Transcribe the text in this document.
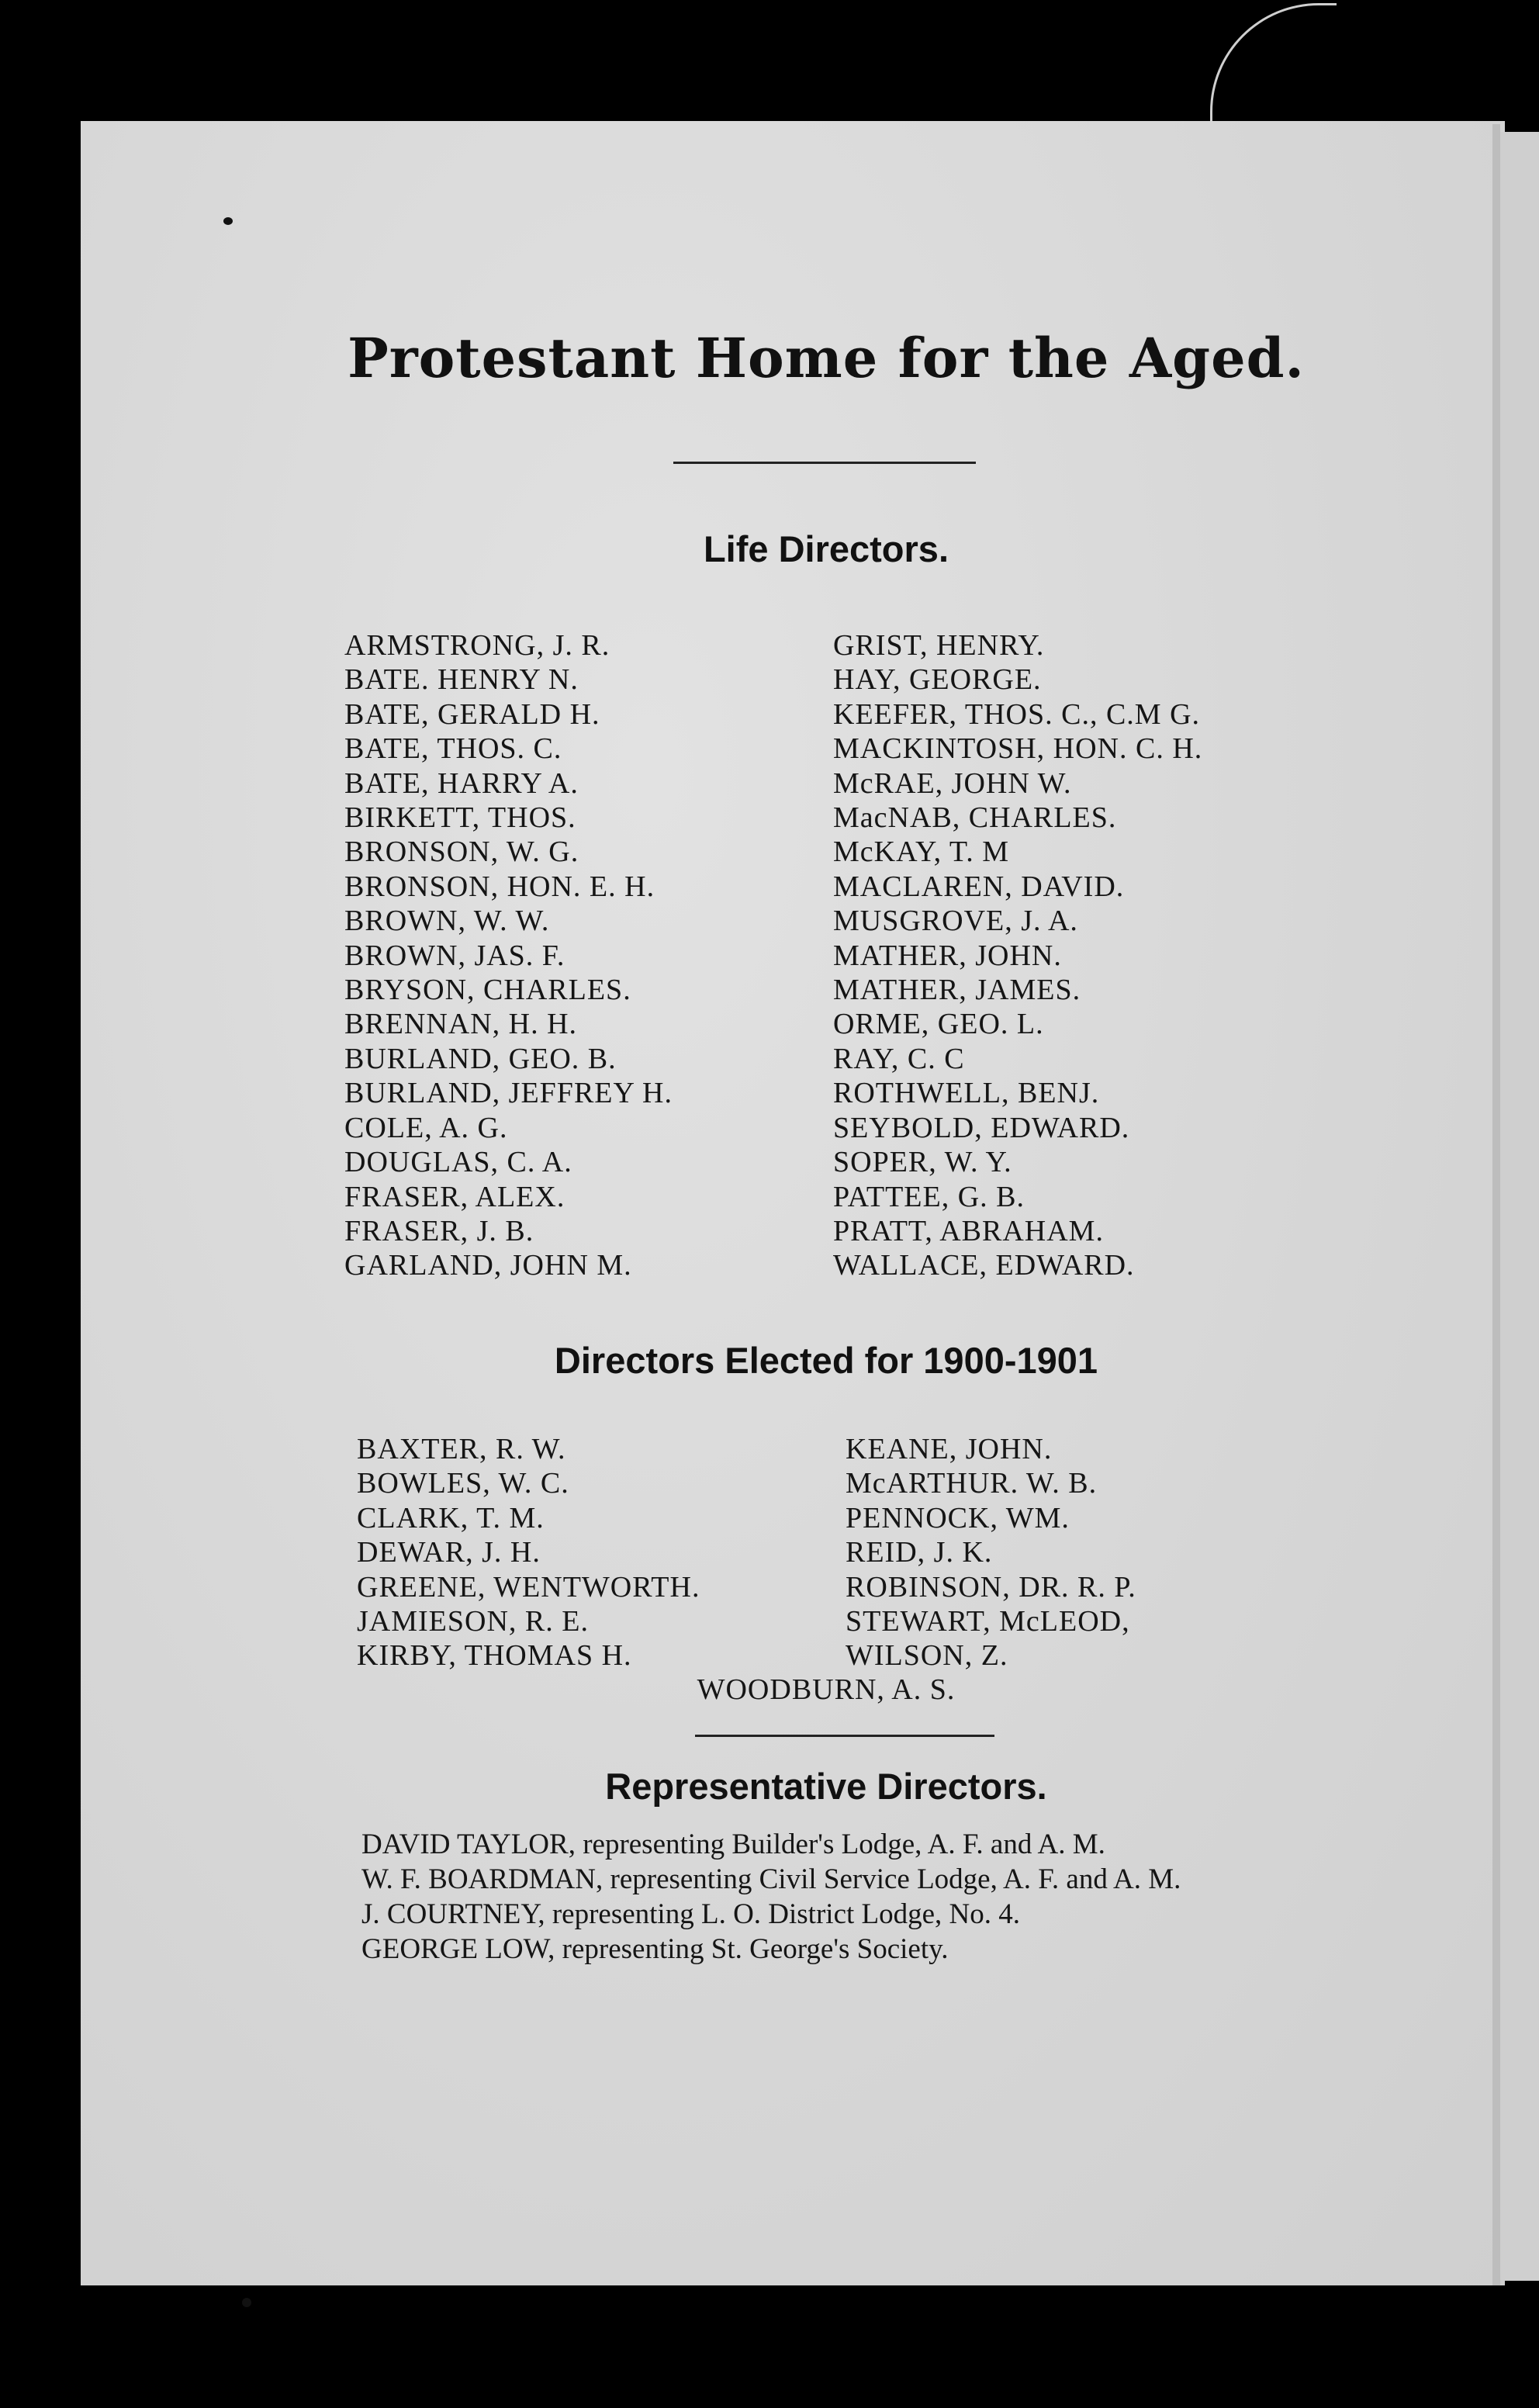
Protestant Home for the Aged.
Life Directors.
ARMSTRONG, J. R.
BATE. HENRY N.
BATE, GERALD H.
BATE, THOS. C.
BATE, HARRY A.
BIRKETT, THOS.
BRONSON, W. G.
BRONSON, HON. E. H.
BROWN, W. W.
BROWN, JAS. F.
BRYSON, CHARLES.
BRENNAN, H. H.
BURLAND, GEO. B.
BURLAND, JEFFREY H.
COLE, A. G.
DOUGLAS, C. A.
FRASER, ALEX.
FRASER, J. B.
GARLAND, JOHN M.
GRIST, HENRY.
HAY, GEORGE.
KEEFER, THOS. C., C.M G.
MACKINTOSH, HON. C. H.
McRAE, JOHN W.
MacNAB, CHARLES.
McKAY, T. M
MACLAREN, DAVID.
MUSGROVE, J. A.
MATHER, JOHN.
MATHER, JAMES.
ORME, GEO. L.
RAY, C. C
ROTHWELL, BENJ.
SEYBOLD, EDWARD.
SOPER, W. Y.
PATTEE, G. B.
PRATT, ABRAHAM.
WALLACE, EDWARD.
Directors Elected for 1900-1901
BAXTER, R. W.
BOWLES, W. C.
CLARK, T. M.
DEWAR, J. H.
GREENE, WENTWORTH.
JAMIESON, R. E.
KIRBY, THOMAS H.
KEANE, JOHN.
McARTHUR. W. B.
PENNOCK, WM.
REID, J. K.
ROBINSON, DR. R. P.
STEWART, McLEOD,
WILSON, Z.
WOODBURN, A. S.
Representative Directors.
DAVID TAYLOR, representing Builder's Lodge, A. F. and A. M.
W. F. BOARDMAN, representing Civil Service Lodge, A. F. and A. M.
J. COURTNEY, representing L. O. District Lodge, No. 4.
GEORGE LOW, representing St. George's Society.
